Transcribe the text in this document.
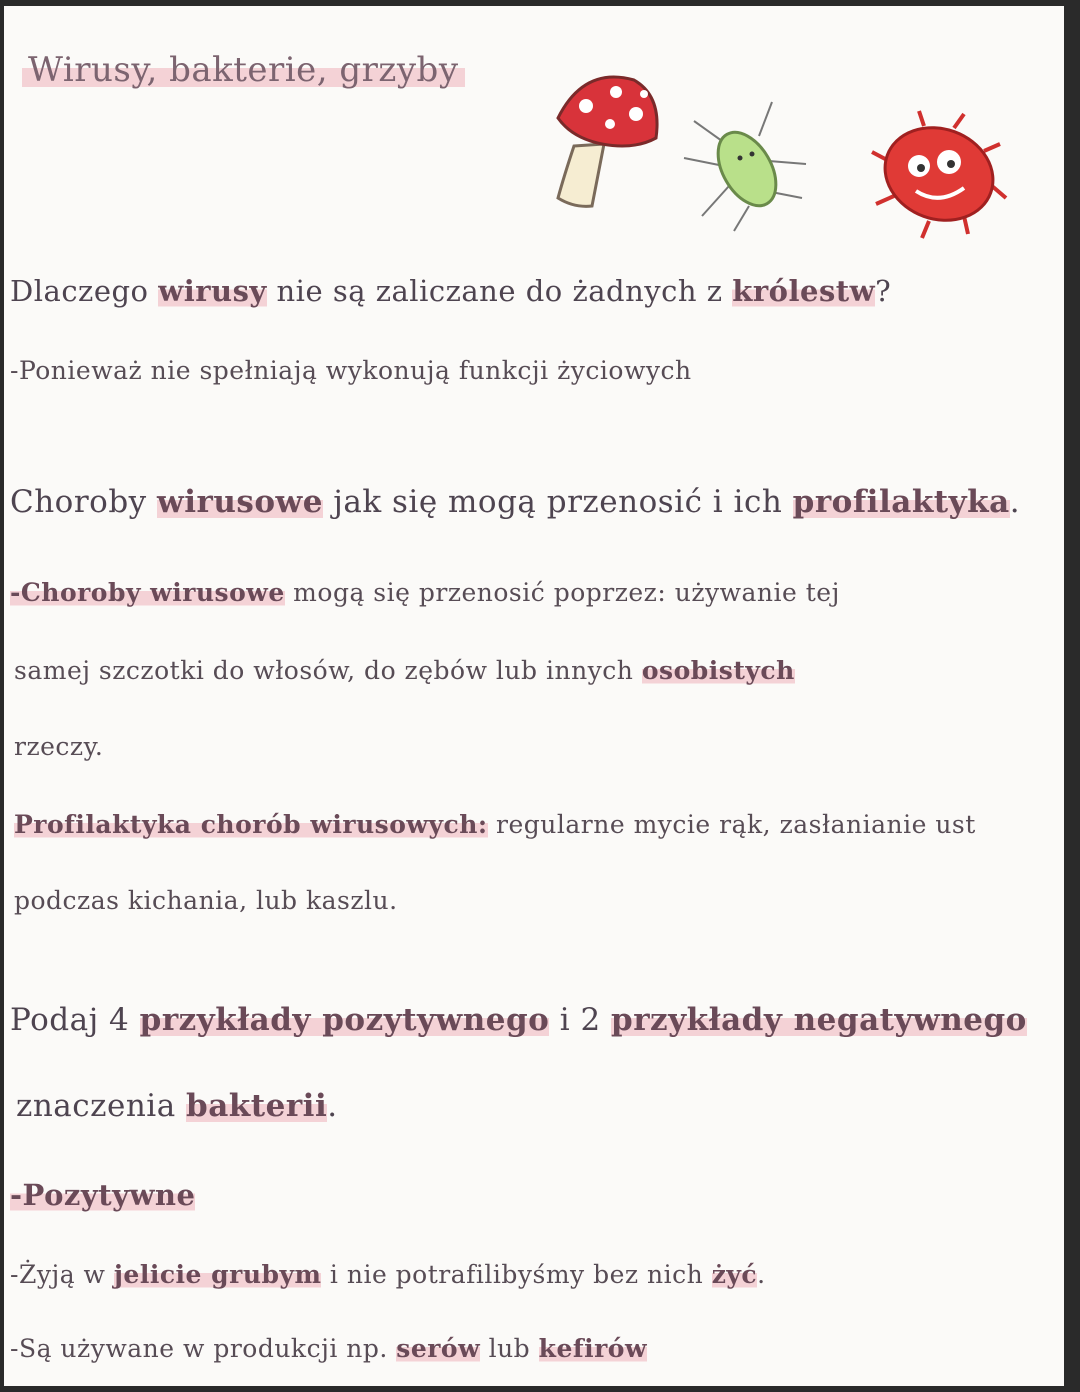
Wirusy, bakterie, grzyby
Dlaczego wirusy nie są zaliczane do żadnych z królestw?
-Ponieważ nie spełniają wykonują funkcji życiowych
Choroby wirusowe jak się mogą przenosić i ich profilaktyka.
-Choroby wirusowe mogą się przenosić poprzez: używanie tej
samej szczotki do włosów, do zębów lub innych osobistych
rzeczy.
Profilaktyka chorób wirusowych: regularne mycie rąk, zasłanianie ust
podczas kichania, lub kaszlu.
Podaj 4 przykłady pozytywnego i 2 przykłady negatywnego
znaczenia bakterii.
-Pozytywne
-Żyją w jelicie grubym i nie potrafilibyśmy bez nich żyć.
-Są używane w produkcji np. serów lub kefirów
